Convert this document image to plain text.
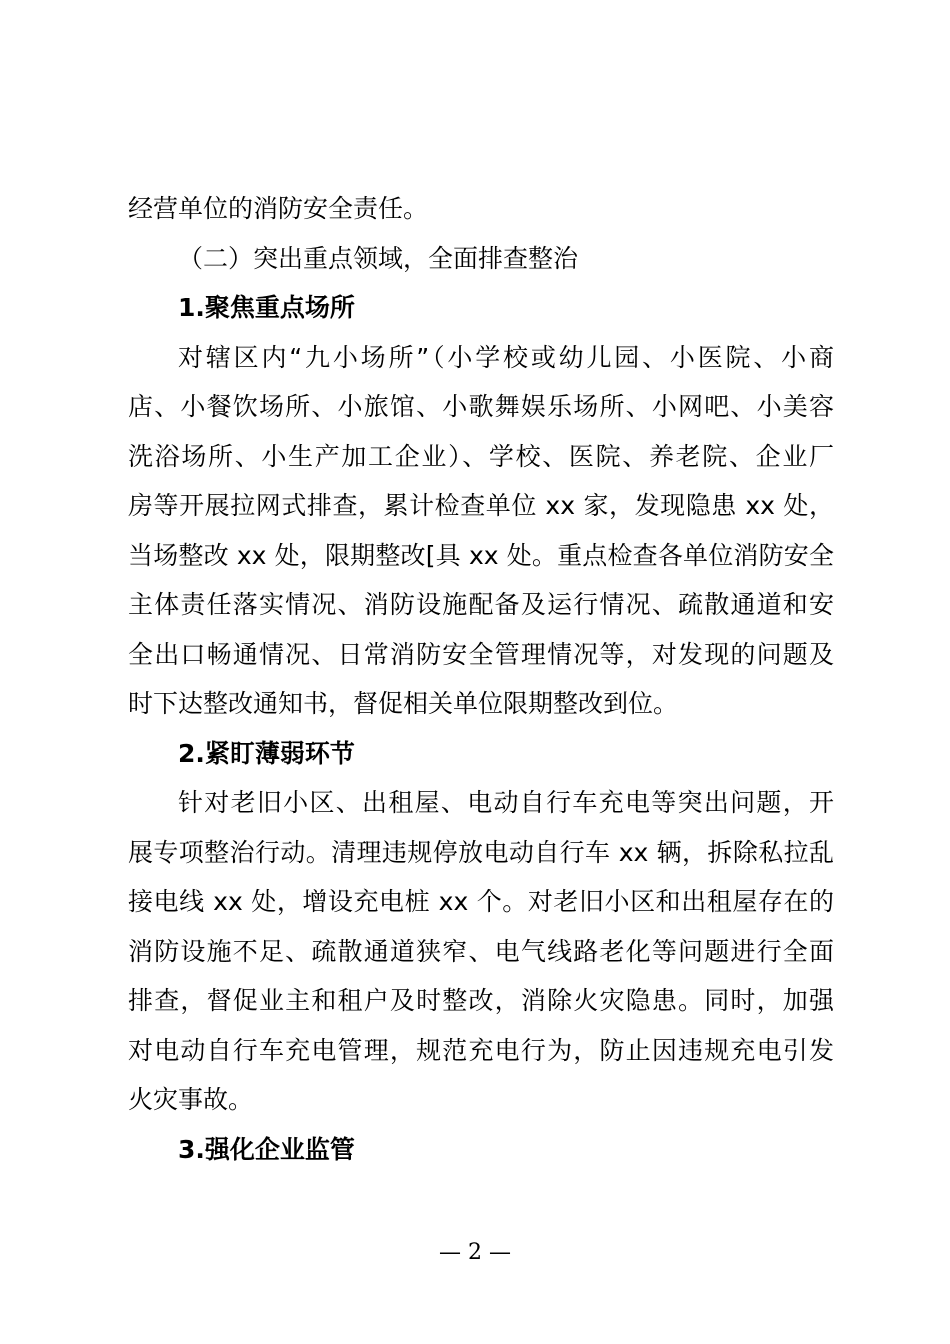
经营单位的消防安全责任。

（二）突出重点领域，全面排查整治

1.聚焦重点场所

对辖区内“九小场所”（小学校或幼儿园、小医院、小商

店、小餐饮场所、小旅馆、小歌舞娱乐场所、小网吧、小美容

洗浴场所、小生产加工企业）、学校、医院、养老院、企业厂

房等开展拉网式排查，累计检查单位 xx 家，发现隐患 xx 处，

当场整改 xx 处，限期整改[具 xx 处。重点检查各单位消防安全

主体责任落实情况、消防设施配备及运行情况、疏散通道和安

全出口畅通情况、日常消防安全管理情况等，对发现的问题及

时下达整改通知书，督促相关单位限期整改到位。

2.紧盯薄弱环节

针对老旧小区、出租屋、电动自行车充电等突出问题，开

展专项整治行动。清理违规停放电动自行车 xx 辆，拆除私拉乱

接电线 xx 处，增设充电桩 xx 个。对老旧小区和出租屋存在的

消防设施不足、疏散通道狭窄、电气线路老化等问题进行全面

排查，督促业主和租户及时整改，消除火灾隐患。同时，加强

对电动自行车充电管理，规范充电行为，防止因违规充电引发

火灾事故。

3.强化企业监管

— 2 —
